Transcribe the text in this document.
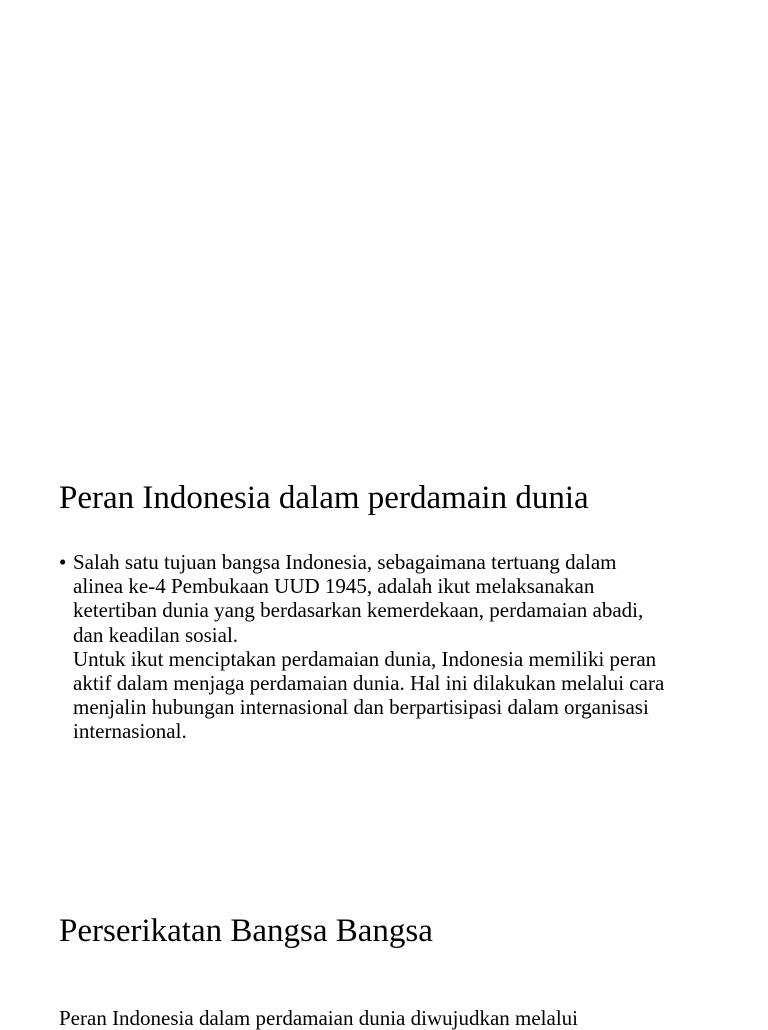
Peran Indonesia dalam perdamain dunia
• Salah satu tujuan bangsa Indonesia, sebagaimana tertuang dalam
alinea ke-4 Pembukaan UUD 1945, adalah ikut melaksanakan
ketertiban dunia yang berdasarkan kemerdekaan, perdamaian abadi,
dan keadilan sosial.

Untuk ikut menciptakan perdamaian dunia, Indonesia memiliki peran
aktif dalam menjaga perdamaian dunia. Hal ini dilakukan melalui cara
menjalin hubungan internasional dan berpartisipasi dalam organisasi
internasional.

Perserikatan Bangsa Bangsa

Peran Indonesia dalam perdamaian dunia diwujudkan melalui
